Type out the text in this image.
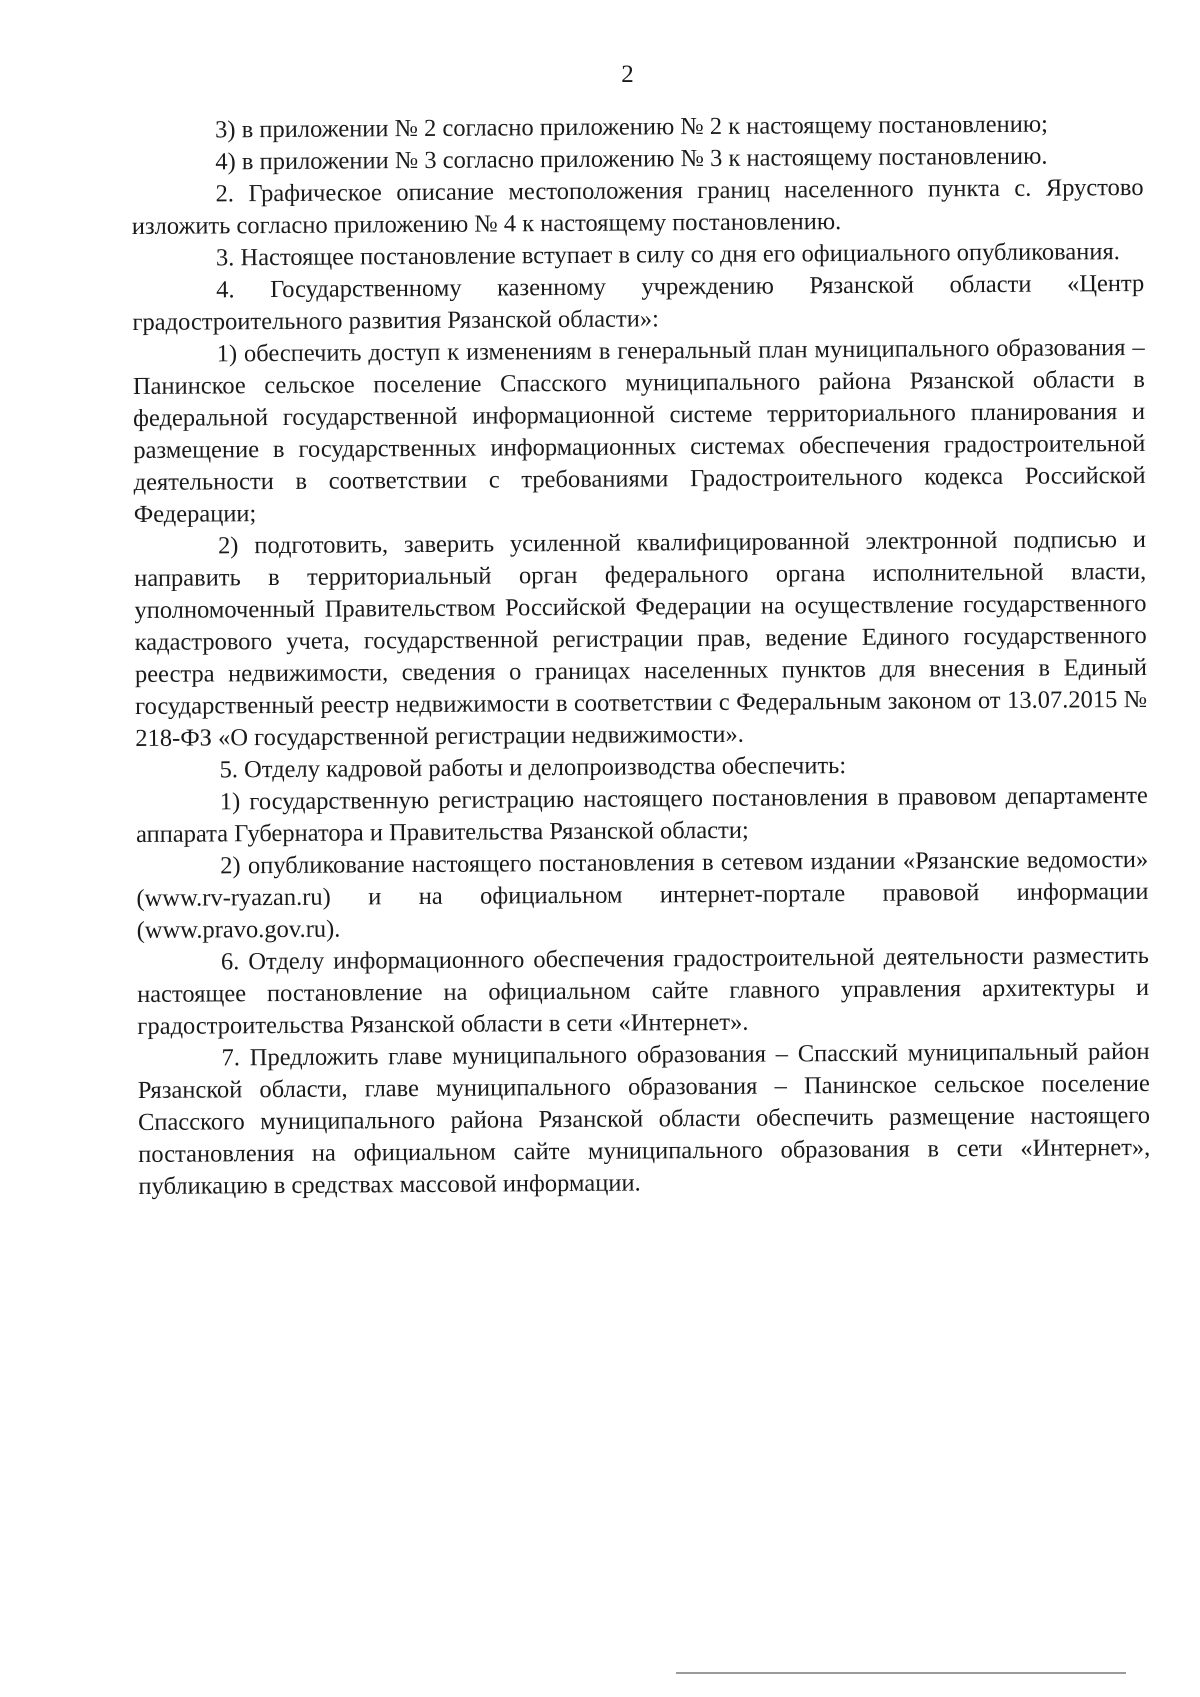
2

3) в приложении № 2 согласно приложению № 2 к настоящему постановлению;

4) в приложении № 3 согласно приложению № 3 к настоящему постановлению.

2. Графическое описание местоположения границ населенного пункта с. Ярустово изложить согласно приложению № 4 к настоящему постановлению.

3. Настоящее постановление вступает в силу со дня его официального опубликования.

4. Государственному казенному учреждению Рязанской области «Центр градостроительного развития Рязанской области»:

1) обеспечить доступ к изменениям в генеральный план муниципального образования – Панинское сельское поселение Спасского муниципального района Рязанской области в федеральной государственной информационной системе территориального планирования и размещение в государственных информационных системах обеспечения градостроительной деятельности в соответствии с требованиями Градостроительного кодекса Российской Федерации;

2) подготовить, заверить усиленной квалифицированной электронной подписью и направить в территориальный орган федерального органа исполнительной власти, уполномоченный Правительством Российской Федерации на осуществление государственного кадастрового учета, государственной регистрации прав, ведение Единого государственного реестра недвижимости, сведения о границах населенных пунктов для внесения в Единый государственный реестр недвижимости в соответствии с Федеральным законом от 13.07.2015 № 218-ФЗ «О государственной регистрации недвижимости».

5. Отделу кадровой работы и делопроизводства обеспечить:

1) государственную регистрацию настоящего постановления в правовом департаменте аппарата Губернатора и Правительства Рязанской области;

2) опубликование настоящего постановления в сетевом издании «Рязанские ведомости» (www.rv-ryazan.ru) и на официальном интернет-портале правовой информации (www.pravo.gov.ru).

6. Отделу информационного обеспечения градостроительной деятельности разместить настоящее постановление на официальном сайте главного управления архитектуры и градостроительства Рязанской области в сети «Интернет».

7. Предложить главе муниципального образования – Спасский муниципальный район Рязанской области, главе муниципального образования – Панинское сельское поселение Спасского муниципального района Рязанской области обеспечить размещение настоящего постановления на официальном сайте муниципального образования в сети «Интернет», публикацию в средствах массовой информации.
